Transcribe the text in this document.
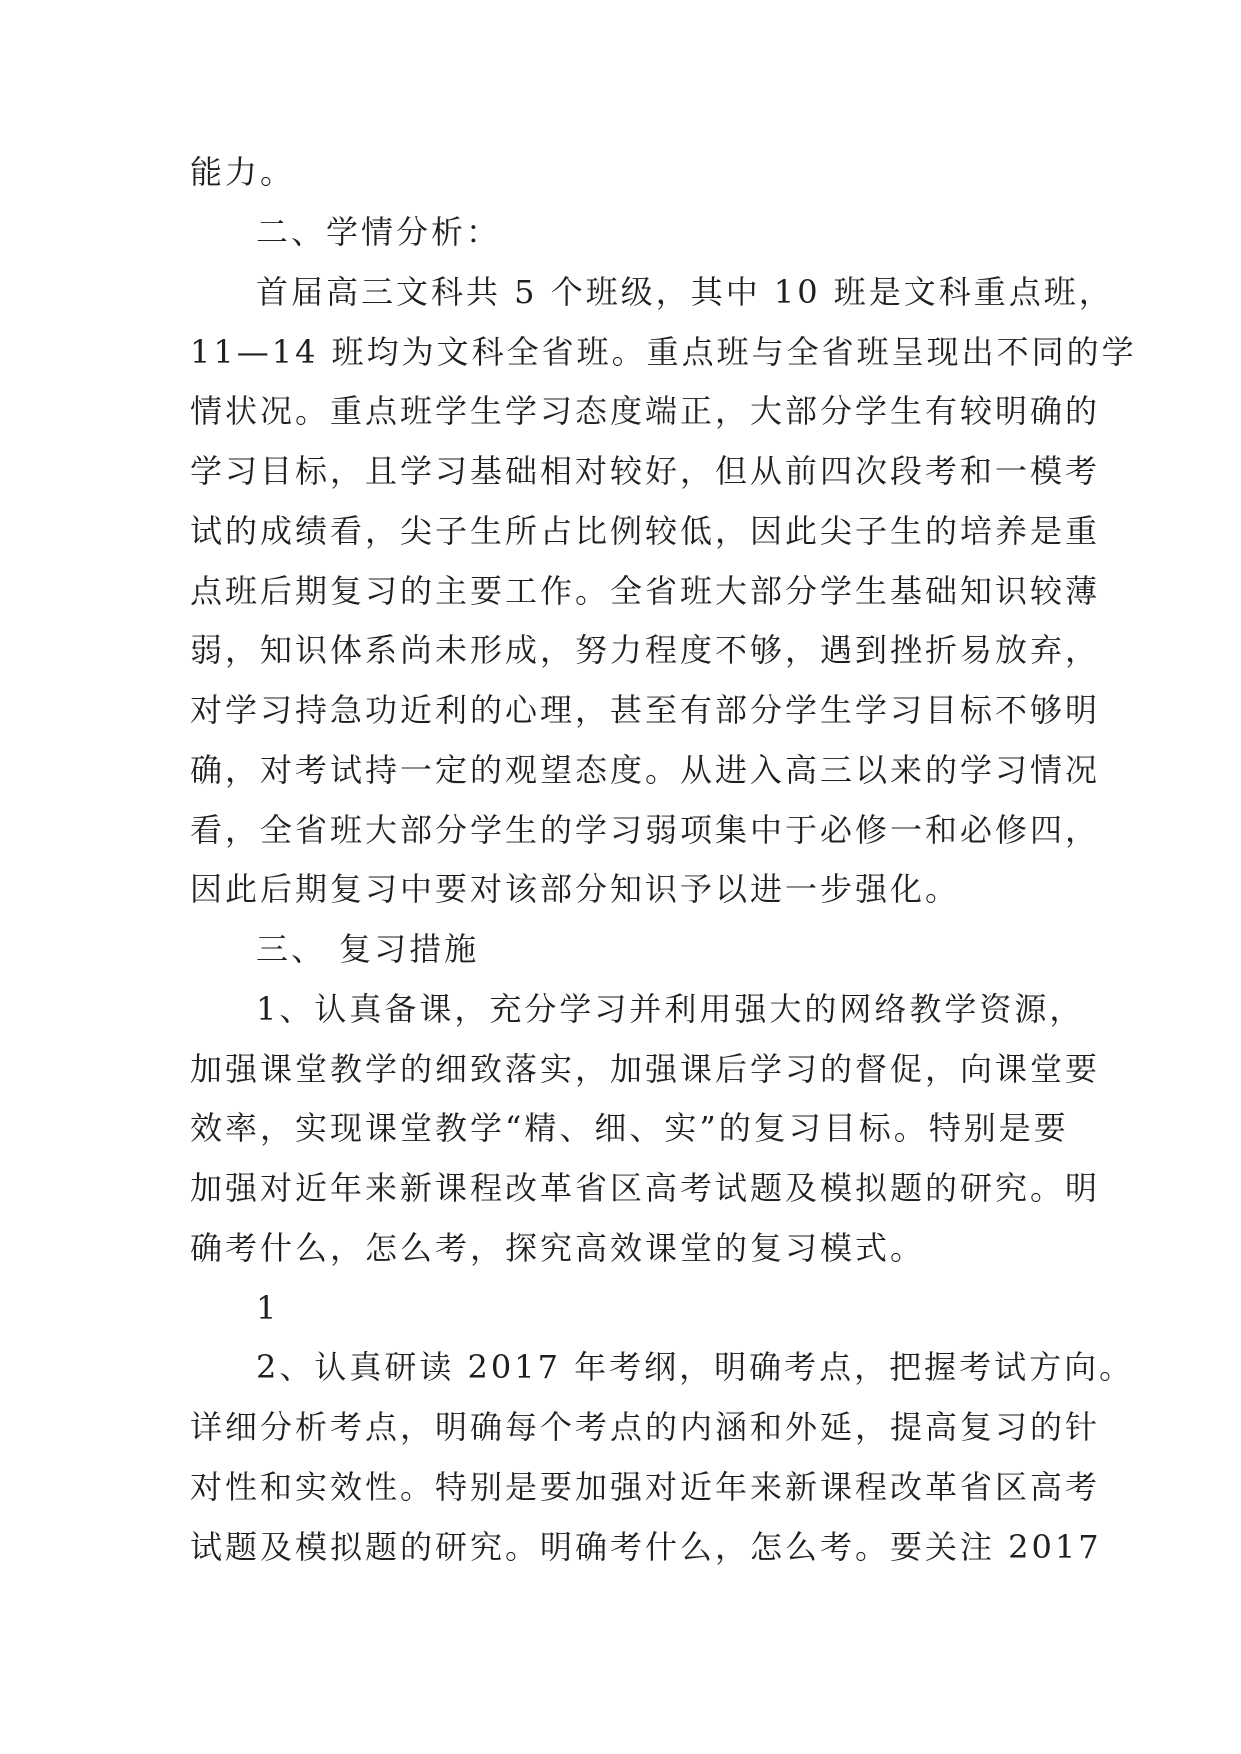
能力。

二、学情分析：

首届高三文科共 5 个班级，其中 10 班是文科重点班，

11—14 班均为文科全省班。重点班与全省班呈现出不同的学

情状况。重点班学生学习态度端正，大部分学生有较明确的

学习目标，且学习基础相对较好，但从前四次段考和一模考

试的成绩看，尖子生所占比例较低，因此尖子生的培养是重

点班后期复习的主要工作。全省班大部分学生基础知识较薄

弱，知识体系尚未形成，努力程度不够，遇到挫折易放弃，

对学习持急功近利的心理，甚至有部分学生学习目标不够明

确，对考试持一定的观望态度。从进入高三以来的学习情况

看，全省班大部分学生的学习弱项集中于必修一和必修四，

因此后期复习中要对该部分知识予以进一步强化。

三、 复习措施

1、认真备课，充分学习并利用强大的网络教学资源，

加强课堂教学的细致落实，加强课后学习的督促，向课堂要

效率，实现课堂教学“精、细、实”的复习目标。特别是要

加强对近年来新课程改革省区高考试题及模拟题的研究。明

确考什么，怎么考，探究高效课堂的复习模式。

1

2、认真研读 2017 年考纲，明确考点，把握考试方向。

详细分析考点，明确每个考点的内涵和外延，提高复习的针

对性和实效性。特别是要加强对近年来新课程改革省区高考

试题及模拟题的研究。明确考什么，怎么考。要关注 2017
